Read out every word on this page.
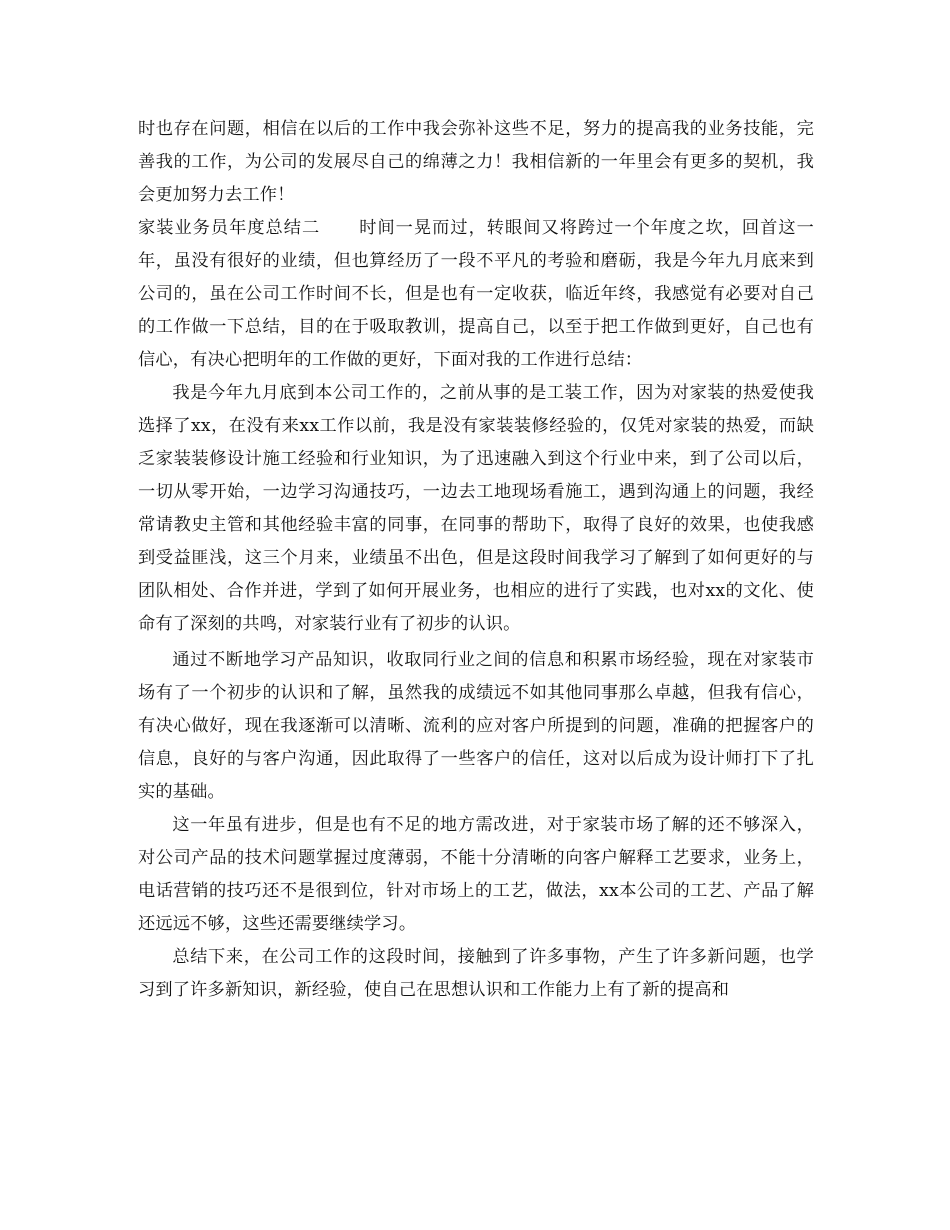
时也存在问题，相信在以后的工作中我会弥补这些不足，努力的提高我的业务技能，完善我的工作，为公司的发展尽自己的绵薄之力！我相信新的一年里会有更多的契机，我会更加努力去工作！

家装业务员年度总结二 时间一晃而过，转眼间又将跨过一个年度之坎，回首这一年，虽没有很好的业绩，但也算经历了一段不平凡的考验和磨砺，我是今年九月底来到公司的，虽在公司工作时间不长，但是也有一定收获，临近年终，我感觉有必要对自己的工作做一下总结，目的在于吸取教训，提高自己，以至于把工作做到更好，自己也有信心，有决心把明年的工作做的更好，下面对我的工作进行总结：

我是今年九月底到本公司工作的，之前从事的是工装工作，因为对家装的热爱使我选择了xx，在没有来xx工作以前，我是没有家装装修经验的，仅凭对家装的热爱，而缺乏家装装修设计施工经验和行业知识，为了迅速融入到这个行业中来，到了公司以后，一切从零开始，一边学习沟通技巧，一边去工地现场看施工，遇到沟通上的问题，我经常请教史主管和其他经验丰富的同事，在同事的帮助下，取得了良好的效果，也使我感到受益匪浅，这三个月来，业绩虽不出色，但是这段时间我学习了解到了如何更好的与团队相处、合作并进，学到了如何开展业务，也相应的进行了实践，也对xx的文化、使命有了深刻的共鸣，对家装行业有了初步的认识。

通过不断地学习产品知识，收取同行业之间的信息和积累市场经验，现在对家装市场有了一个初步的认识和了解，虽然我的成绩远不如其他同事那么卓越，但我有信心，有决心做好，现在我逐渐可以清晰、流利的应对客户所提到的问题，准确的把握客户的信息，良好的与客户沟通，因此取得了一些客户的信任，这对以后成为设计师打下了扎实的基础。

这一年虽有进步，但是也有不足的地方需改进，对于家装市场了解的还不够深入，对公司产品的技术问题掌握过度薄弱，不能十分清晰的向客户解释工艺要求，业务上，电话营销的技巧还不是很到位，针对市场上的工艺，做法，xx本公司的工艺、产品了解还远远不够，这些还需要继续学习。

总结下来，在公司工作的这段时间，接触到了许多事物，产生了许多新问题，也学习到了许多新知识，新经验，使自己在思想认识和工作能力上有了新的提高和
